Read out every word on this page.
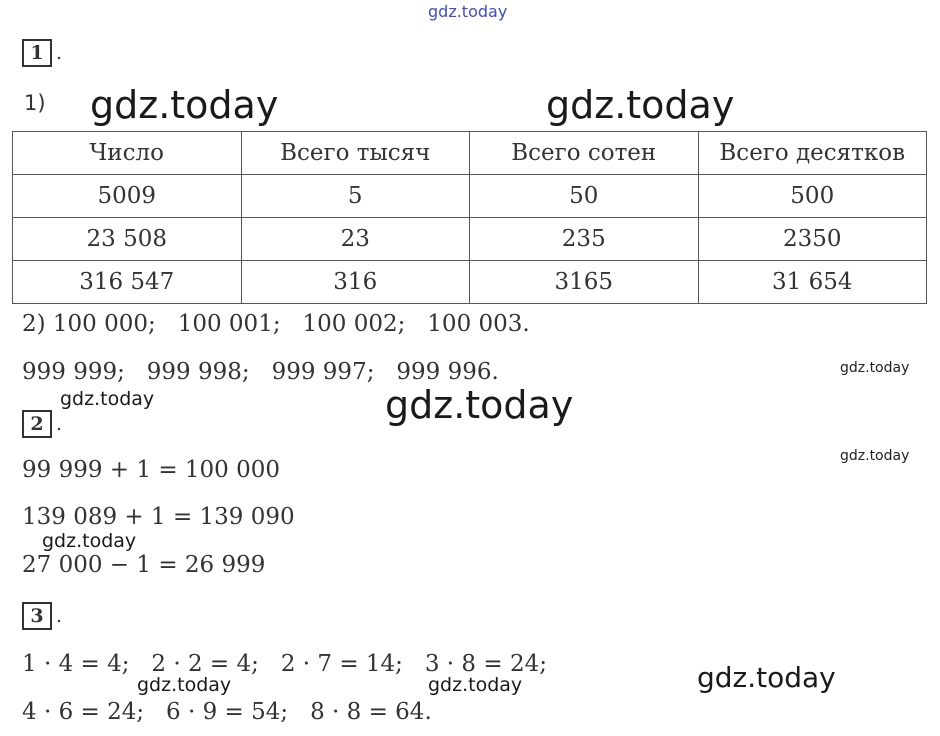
gdz.today
gdz.today	gdz.today
gdz.today
gdz.today
gdz.today
gdz.today
gdz.today
gdz.today	gdz.today	gdz.today
1 .
1)
Число	Всего тысяч	Всего сотен	Всего десятков
5009	5	50	500
23 508	23	235	2350
316 547	316	3165	31 654
2) 100 000;   100 001;   100 002;   100 003.
999 999;   999 998;   999 997;   999 996.
2 .
99 999 + 1 = 100 000
139 089 + 1 = 139 090
27 000 − 1 = 26 999
3 .
1 · 4 = 4;   2 · 2 = 4;   2 · 7 = 14;   3 · 8 = 24;
4 · 6 = 24;   6 · 9 = 54;   8 · 8 = 64.
